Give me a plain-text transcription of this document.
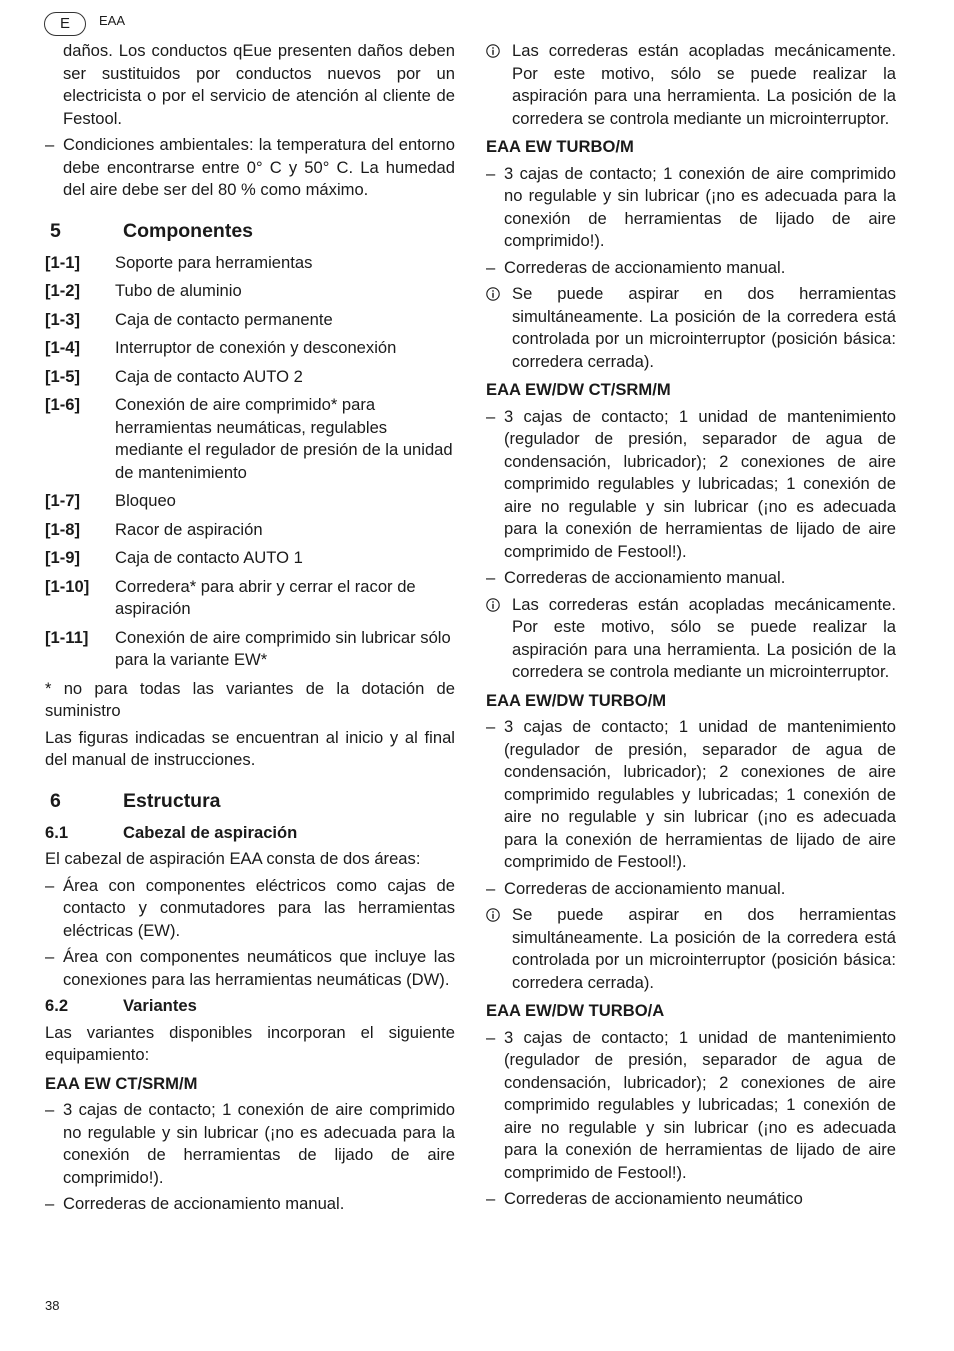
E	EAA
daños. Los conductos qEue presenten daños deben ser sustituidos por conductos nuevos por un electricista o por el servicio de atención al cliente de Festool.
– Condiciones ambientales: la temperatura del entorno debe encontrarse entre 0° C y 50° C. La humedad del aire debe ser del 80 % como máximo.
5	Componentes
[1-1]	Soporte para herramientas
[1-2]	Tubo de aluminio
[1-3]	Caja de contacto permanente
[1-4]	Interruptor de conexión y desconexión
[1-5]	Caja de contacto AUTO 2
[1-6]	Conexión de aire comprimido* para herramientas neumáticas, regulables mediante el regulador de presión de la unidad de mantenimiento
[1-7]	Bloqueo
[1-8]	Racor de aspiración
[1-9]	Caja de contacto AUTO 1
[1-10]	Corredera* para abrir y cerrar el racor de aspiración
[1-11]	Conexión de aire comprimido sin lubricar sólo para la variante EW*

* no para todas las variantes de la dotación de suministro

Las figuras indicadas se encuentran al inicio y al final del manual de instrucciones.

6	Estructura
6.1	Cabezal de aspiración

El cabezal de aspiración EAA consta de dos áreas:

– Área con componentes eléctricos como cajas de contacto y conmutadores para las herramientas eléctricas (EW).
– Área con componentes neumáticos que incluye las conexiones para las herramientas neumáticas (DW).
6.2	Variantes

Las variantes disponibles incorporan el siguiente equipamiento:

EAA EW CT/SRM/M
– 3 cajas de contacto; 1 conexión de aire comprimido no regulable y sin lubricar (¡no es adecuada para la conexión de herramientas de lijado de aire comprimido!).
– Correderas de accionamiento manual.
Las correderas están acopladas mecánicamente. Por este motivo, sólo se puede realizar la aspiración para una herramienta. La posición de la corredera se controla mediante un microinterruptor.
EAA EW TURBO/M
– 3 cajas de contacto; 1 conexión de aire comprimido no regulable y sin lubricar (¡no es adecuada para la conexión de herramientas de lijado de aire comprimido!).
– Correderas de accionamiento manual.
Se puede aspirar en dos herramientas simultáneamente. La posición de la corredera está controlada por un microinterruptor (posición básica: corredera cerrada).
EAA EW/DW CT/SRM/M
– 3 cajas de contacto; 1 unidad de mantenimiento (regulador de presión, separador de agua de condensación, lubricador); 2 conexiones de aire comprimido regulables y lubricadas; 1 conexión de aire no regulable y sin lubricar (¡no es adecuada para la conexión de herramientas de lijado de aire comprimido de Festool!).
– Correderas de accionamiento manual.
Las correderas están acopladas mecánicamente. Por este motivo, sólo se puede realizar la aspiración para una herramienta. La posición de la corredera se controla mediante un microinterruptor.
EAA EW/DW TURBO/M
– 3 cajas de contacto; 1 unidad de mantenimiento (regulador de presión, separador de agua de condensación, lubricador); 2 conexiones de aire comprimido regulables y lubricadas; 1 conexión de aire no regulable y sin lubricar (¡no es adecuada para la conexión de herramientas de lijado de aire comprimido de Festool!).
– Correderas de accionamiento manual.
Se puede aspirar en dos herramientas simultáneamente. La posición de la corredera está controlada por un microinterruptor (posición básica: corredera cerrada).
EAA EW/DW TURBO/A
– 3 cajas de contacto; 1 unidad de mantenimiento (regulador de presión, separador de agua de condensación, lubricador); 2 conexiones de aire comprimido regulables y lubricadas; 1 conexión de aire no regulable y sin lubricar (¡no es adecuada para la conexión de herramientas de lijado de aire comprimido de Festool!).
– Correderas de accionamiento neumático
38
